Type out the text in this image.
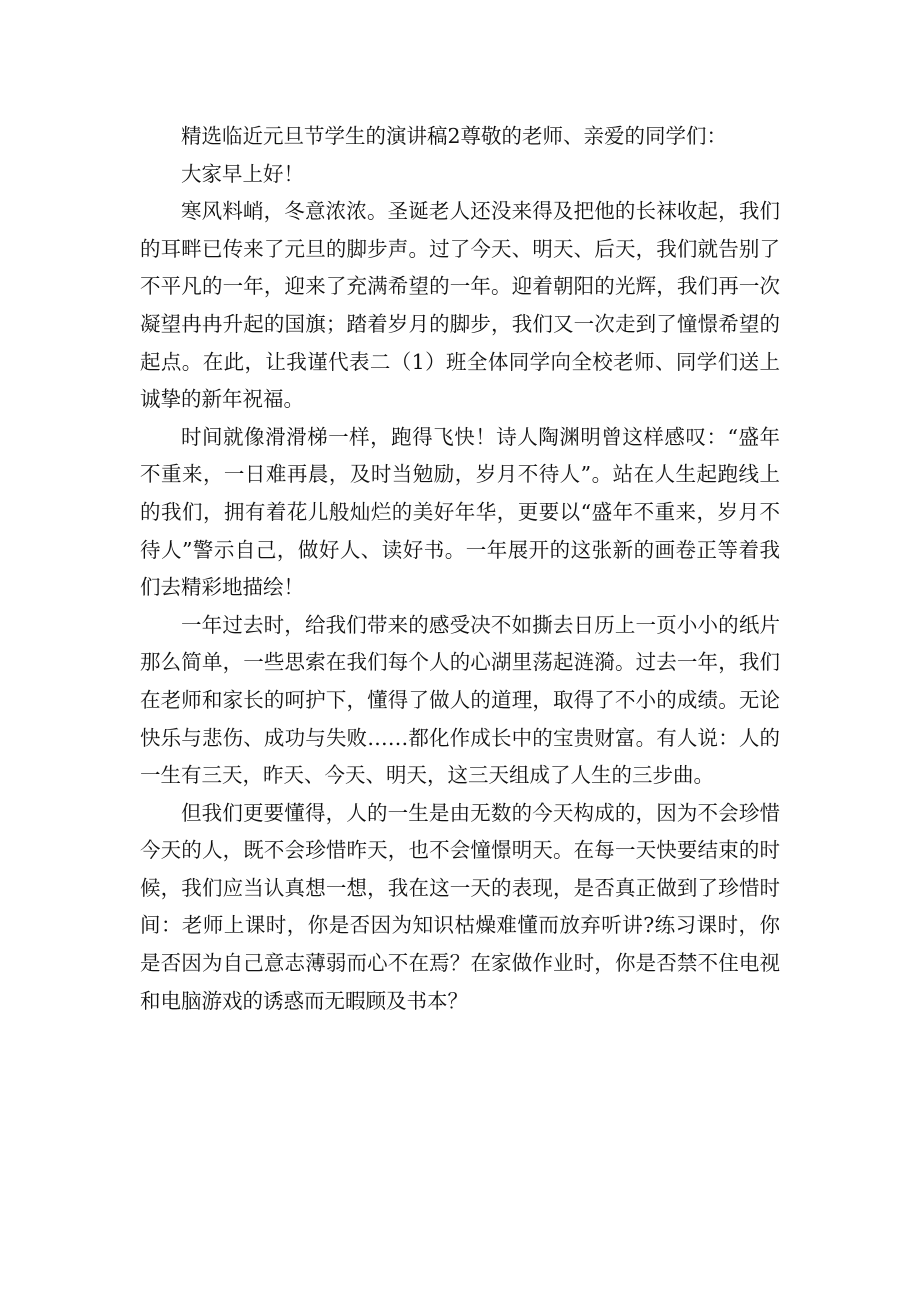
精选临近元旦节学生的演讲稿2尊敬的老师、亲爱的同学们：

大家早上好！

寒风料峭，冬意浓浓。圣诞老人还没来得及把他的长袜收起，我们的耳畔已传来了元旦的脚步声。过了今天、明天、后天，我们就告别了不平凡的一年，迎来了充满希望的一年。迎着朝阳的光辉，我们再一次凝望冉冉升起的国旗；踏着岁月的脚步，我们又一次走到了憧憬希望的起点。在此，让我谨代表二（1）班全体同学向全校老师、同学们送上诚挚的新年祝福。

时间就像滑滑梯一样，跑得飞快！诗人陶渊明曾这样感叹：“盛年不重来，一日难再晨，及时当勉励，岁月不待人”。站在人生起跑线上的我们，拥有着花儿般灿烂的美好年华，更要以“盛年不重来，岁月不待人”警示自己，做好人、读好书。一年展开的这张新的画卷正等着我们去精彩地描绘！

一年过去时，给我们带来的感受决不如撕去日历上一页小小的纸片那么简单，一些思索在我们每个人的心湖里荡起涟漪。过去一年，我们在老师和家长的呵护下，懂得了做人的道理，取得了不小的成绩。无论快乐与悲伤、成功与失败……都化作成长中的宝贵财富。有人说：人的一生有三天，昨天、今天、明天，这三天组成了人生的三步曲。

但我们更要懂得，人的一生是由无数的今天构成的，因为不会珍惜今天的人，既不会珍惜昨天，也不会憧憬明天。在每一天快要结束的时候，我们应当认真想一想，我在这一天的表现，是否真正做到了珍惜时间：老师上课时，你是否因为知识枯燥难懂而放弃听讲?练习课时，你是否因为自己意志薄弱而心不在焉？在家做作业时，你是否禁不住电视和电脑游戏的诱惑而无暇顾及书本？
